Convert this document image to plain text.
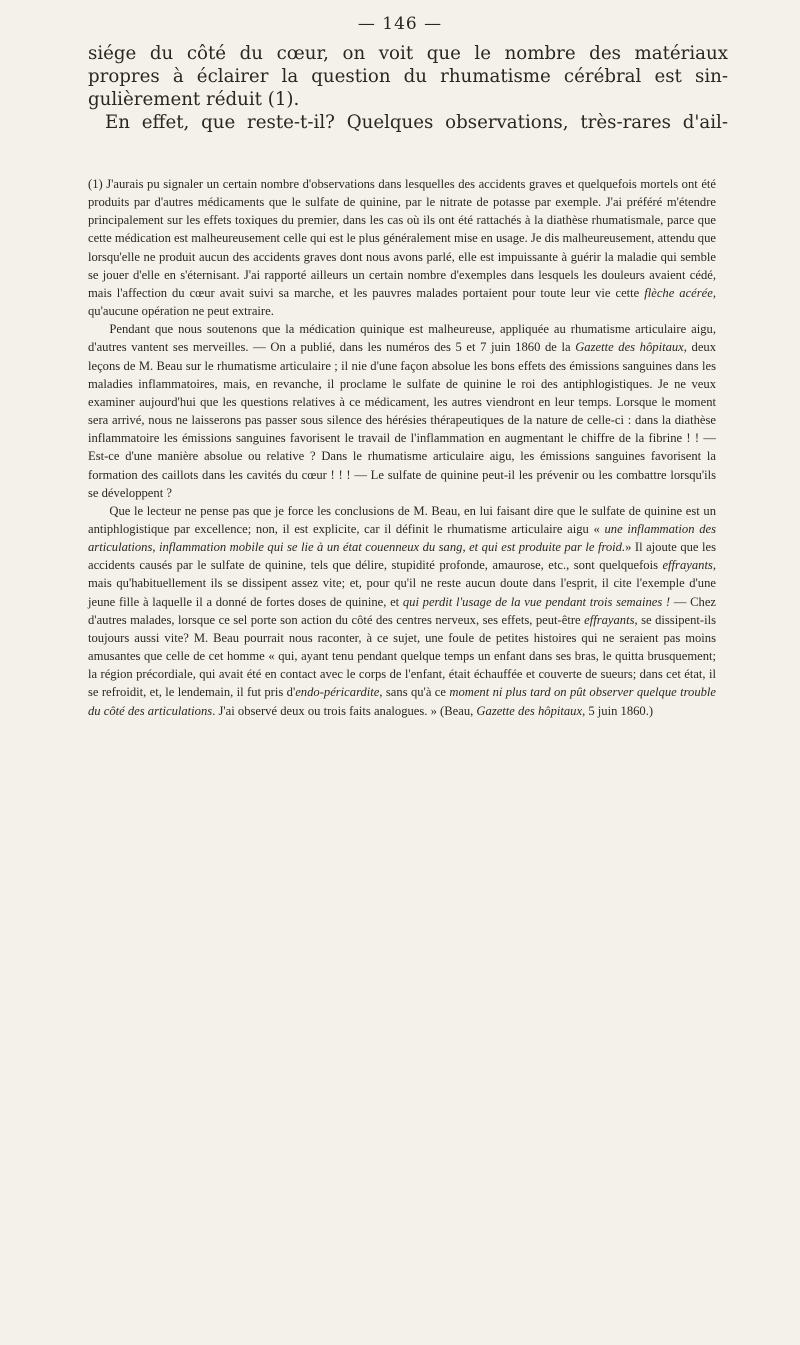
— 146 —

siége du côté du cœur, on voit que le nombre des matériaux
propres à éclairer la question du rhumatisme cérébral est sin-
gulièrement réduit (1).
En effet, que reste-t-il? Quelques observations, très-rares d'ail-

(1) J'aurais pu signaler un certain nombre d'observations dans lesquelles des accidents graves et quelquefois mortels ont été produits par d'autres médicaments que le sulfate de quinine, par le nitrate de potasse par exemple. J'ai préféré m'étendre principalement sur les effets toxiques du premier, dans les cas où ils ont été rattachés à la diathèse rhumatismale, parce que cette médication est malheureusement celle qui est le plus généralement mise en usage. Je dis malheureusement, attendu que lorsqu'elle ne produit aucun des accidents graves dont nous avons parlé, elle est impuissante à guérir la maladie qui semble se jouer d'elle en s'éternisant. J'ai rapporté ailleurs un certain nombre d'exemples dans lesquels les douleurs avaient cédé, mais l'affection du cœur avait suivi sa marche, et les pauvres malades portaient pour toute leur vie cette flèche acérée, qu'aucune opération ne peut extraire.

Pendant que nous soutenons que la médication quinique est malheureuse, appliquée au rhumatisme articulaire aigu, d'autres vantent ses merveilles. — On a publié, dans les numéros des 5 et 7 juin 1860 de la Gazette des hôpitaux, deux leçons de M. Beau sur le rhumatisme articulaire ; il nie d'une façon absolue les bons effets des émissions sanguines dans les maladies inflammatoires, mais, en revanche, il proclame le sulfate de quinine le roi des antiphlogistiques. Je ne veux examiner aujourd'hui que les questions relatives à ce médicament, les autres viendront en leur temps. Lorsque le moment sera arrivé, nous ne laisserons pas passer sous silence des hérésies thérapeutiques de la nature de celle-ci : dans la diathèse inflammatoire les émissions sanguines favorisent le travail de l'inflammation en augmentant le chiffre de la fibrine ! ! — Est-ce d'une manière absolue ou relative ? Dans le rhumatisme articulaire aigu, les émissions sanguines favorisent la formation des caillots dans les cavités du cœur ! ! ! — Le sulfate de quinine peut-il les prévenir ou les combattre lorsqu'ils se développent ?

Que le lecteur ne pense pas que je force les conclusions de M. Beau, en lui faisant dire que le sulfate de quinine est un antiphlogistique par excellence; non, il est explicite, car il définit le rhumatisme articulaire aigu « une inflammation des articulations, inflammation mobile qui se lie à un état couenneux du sang, et qui est produite par le froid.» Il ajoute que les accidents causés par le sulfate de quinine, tels que délire, stupidité profonde, amaurose, etc., sont quelquefois effrayants, mais qu'habituellement ils se dissipent assez vite; et, pour qu'il ne reste aucun doute dans l'esprit, il cite l'exemple d'une jeune fille à laquelle il a donné de fortes doses de quinine, et qui perdit l'usage de la vue pendant trois semaines ! — Chez d'autres malades, lorsque ce sel porte son action du côté des centres nerveux, ses effets, peut-être effrayants, se dissipent-ils toujours aussi vite? M. Beau pourrait nous raconter, à ce sujet, une foule de petites histoires qui ne seraient pas moins amusantes que celle de cet homme « qui, ayant tenu pendant quelque temps un enfant dans ses bras, le quitta brusquement; la région précordiale, qui avait été en contact avec le corps de l'enfant, était échauffée et couverte de sueurs; dans cet état, il se refroidit, et, le lendemain, il fut pris d'endo-péricardite, sans qu'à ce moment ni plus tard on pût observer quelque trouble du côté des articulations. J'ai observé deux ou trois faits analogues. » (Beau, Gazette des hôpitaux, 5 juin 1860.)
